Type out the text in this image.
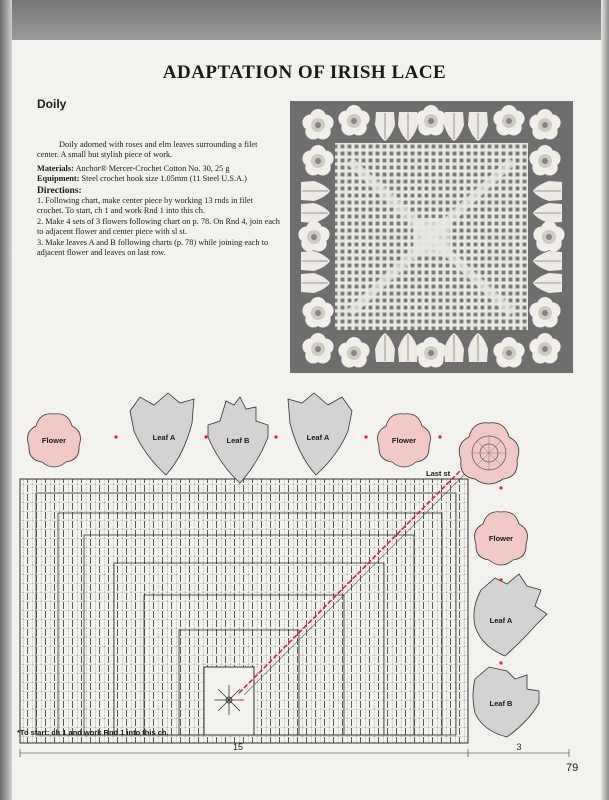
ADAPTATION OF IRISH LACE
Doily

Doily adorned with roses and elm leaves surrounding a filet center. A small but stylish piece of work.

Materials: Anchor® Mercer-Crochet Cotton No. 30, 25 g

Equipment: Steel crochet hook size 1.05mm (11 Steel U.S.A.)

Directions:

1. Following chart, make center piece by working 13 rnds in filet crochet. To start, ch 1 and work Rnd 1 into this ch.

2. Make 4 sets of 3 flowers following chart on p. 78. On Rnd 4, join each to adjacent flower and center piece with sl st.

3. Make leaves A and B following charts (p. 78) while joining each to adjacent flower and leaves on last row.

Flower	Flower
Last st
Leaf A	Leaf B	Leaf A
Flower
Leaf A
Leaf B
15	3
*To start: ch 1 and work Rnd 1 into this ch.
79
